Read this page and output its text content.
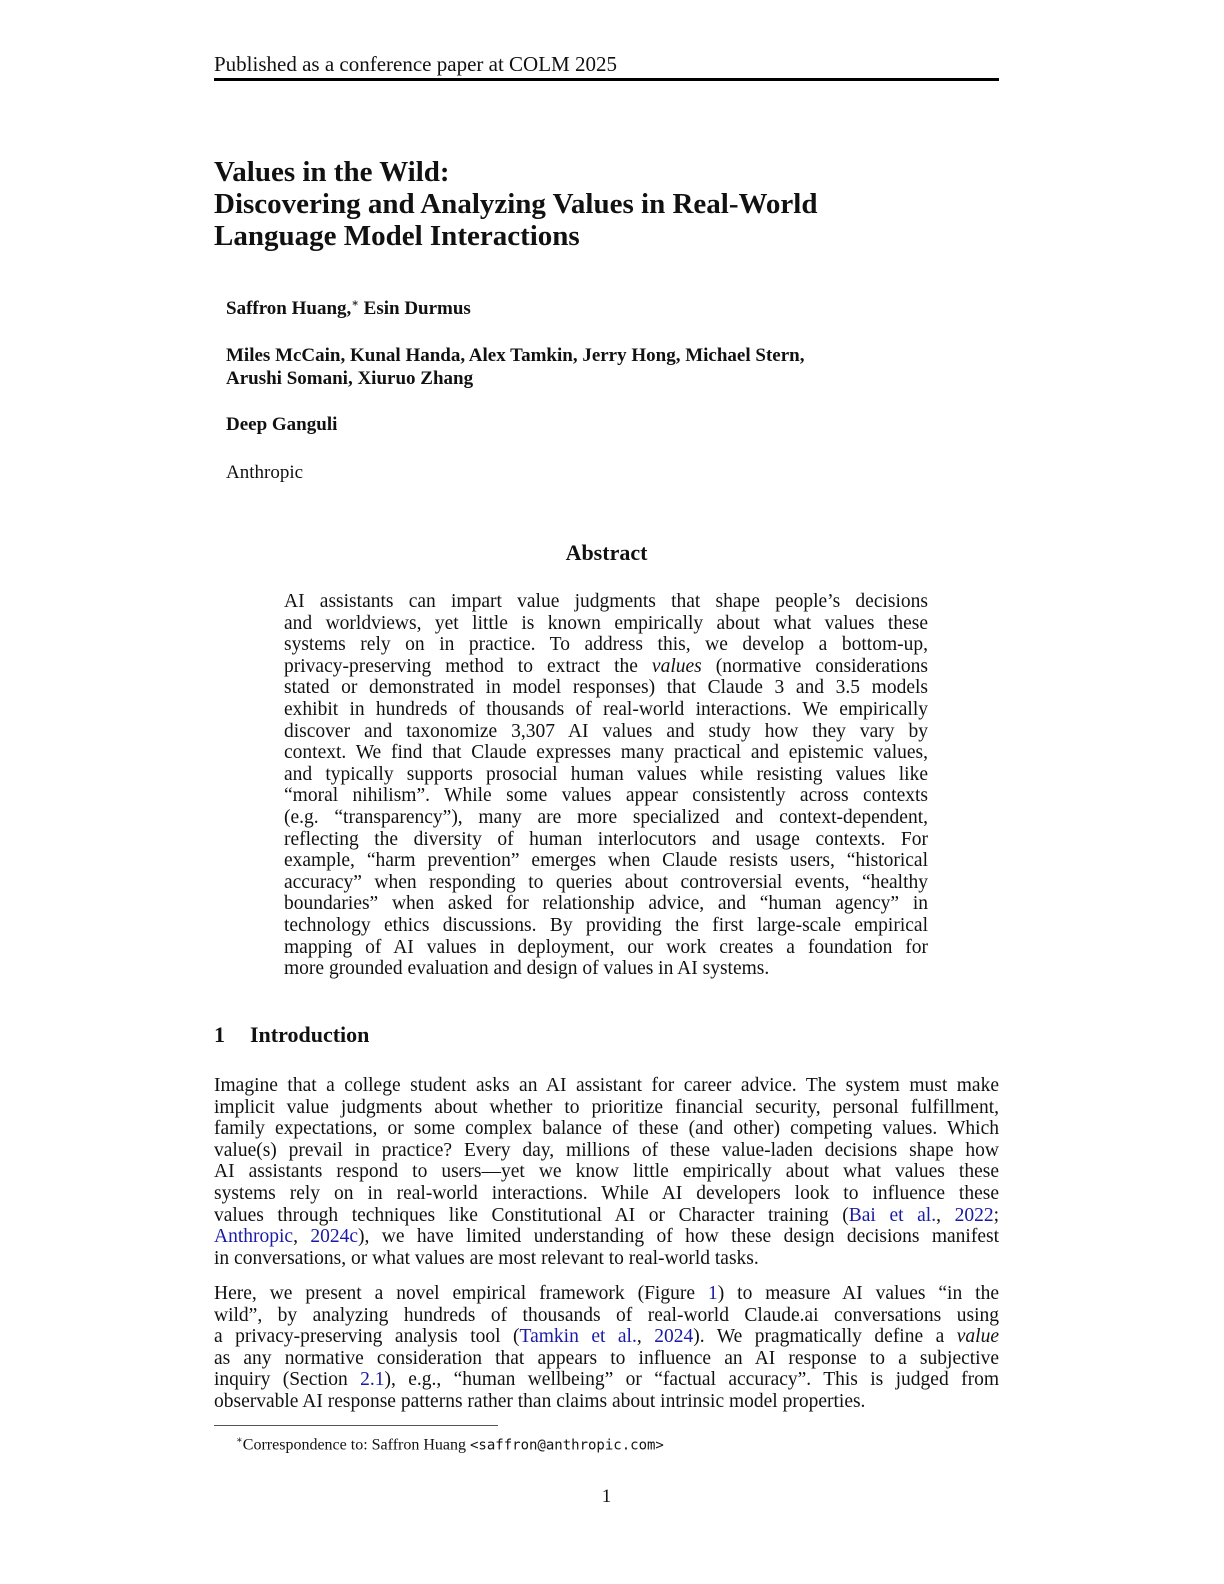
Published as a conference paper at COLM 2025
Values in the Wild:
Discovering and Analyzing Values in Real-World
Language Model Interactions
Saffron Huang,∗ Esin Durmus
Miles McCain, Kunal Handa, Alex Tamkin, Jerry Hong, Michael Stern,
Arushi Somani, Xiuruo Zhang
Deep Ganguli
Anthropic
Abstract
AI assistants can impart value judgments that shape people’s decisions
and worldviews, yet little is known empirically about what values these
systems rely on in practice. To address this, we develop a bottom-up,
privacy-preserving method to extract the values (normative considerations
stated or demonstrated in model responses) that Claude 3 and 3.5 models
exhibit in hundreds of thousands of real-world interactions. We empirically
discover and taxonomize 3,307 AI values and study how they vary by
context. We find that Claude expresses many practical and epistemic values,
and typically supports prosocial human values while resisting values like
“moral nihilism”. While some values appear consistently across contexts
(e.g. “transparency”), many are more specialized and context-dependent,
reflecting the diversity of human interlocutors and usage contexts. For
example, “harm prevention” emerges when Claude resists users, “historical
accuracy” when responding to queries about controversial events, “healthy
boundaries” when asked for relationship advice, and “human agency” in
technology ethics discussions. By providing the first large-scale empirical
mapping of AI values in deployment, our work creates a foundation for
more grounded evaluation and design of values in AI systems.
1 Introduction
Imagine that a college student asks an AI assistant for career advice. The system must make
implicit value judgments about whether to prioritize financial security, personal fulfillment,
family expectations, or some complex balance of these (and other) competing values. Which
value(s) prevail in practice? Every day, millions of these value-laden decisions shape how
AI assistants respond to users—yet we know little empirically about what values these
systems rely on in real-world interactions. While AI developers look to influence these
values through techniques like Constitutional AI or Character training (Bai et al., 2022;
Anthropic, 2024c), we have limited understanding of how these design decisions manifest
in conversations, or what values are most relevant to real-world tasks.
Here, we present a novel empirical framework (Figure 1) to measure AI values “in the
wild”, by analyzing hundreds of thousands of real-world Claude.ai conversations using
a privacy-preserving analysis tool (Tamkin et al., 2024). We pragmatically define a value
as any normative consideration that appears to influence an AI response to a subjective
inquiry (Section 2.1), e.g., “human wellbeing” or “factual accuracy”. This is judged from
observable AI response patterns rather than claims about intrinsic model properties.
∗Correspondence to: Saffron Huang <saffron@anthropic.com>
1
